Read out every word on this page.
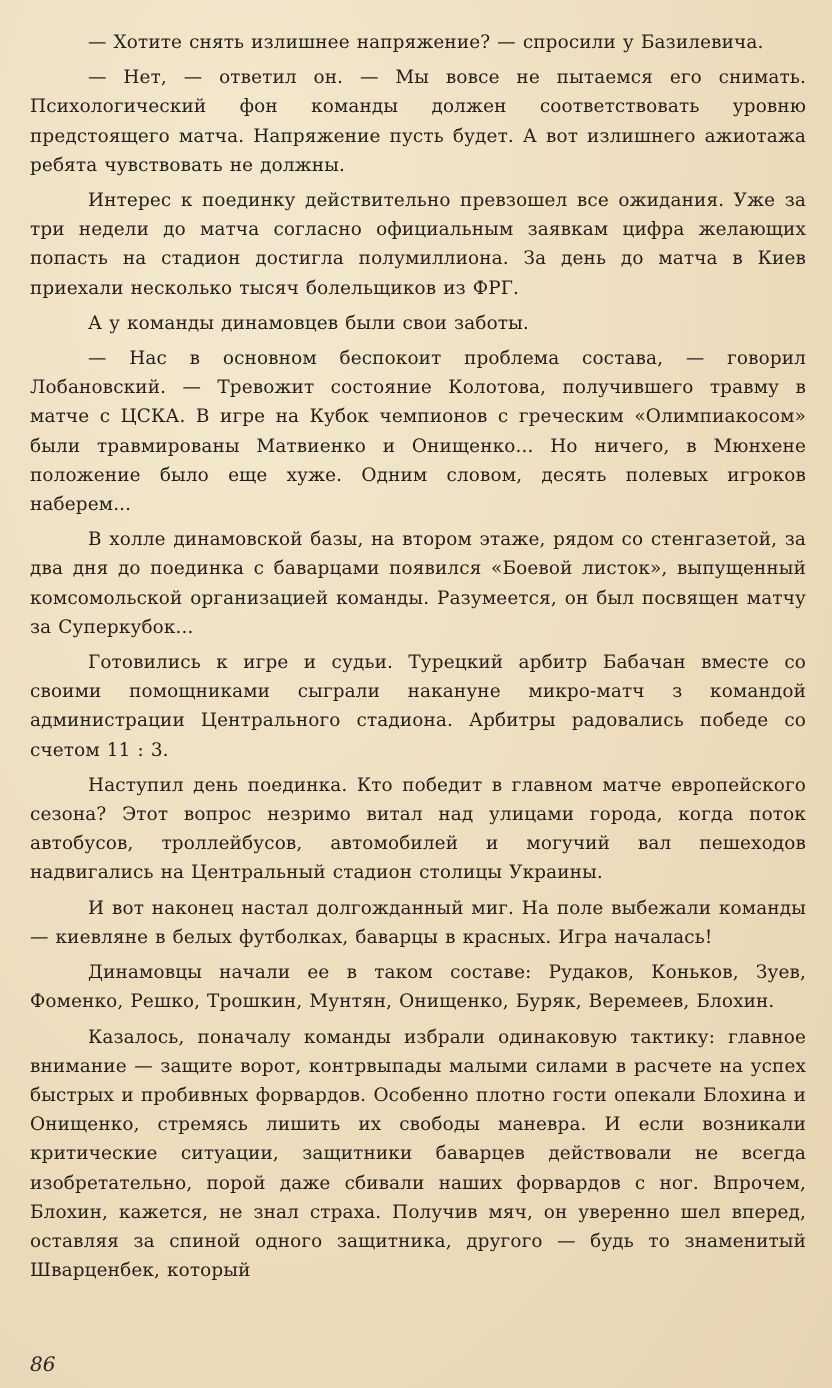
— Хотите снять излишнее напряжение? — спросили у Базилевича.

— Нет, — ответил он. — Мы вовсе не пытаемся его снимать. Психологический фон команды должен соответствовать уровню предстоящего матча. Напряжение пусть будет. А вот излишнего ажиотажа ребята чувствовать не должны.

Интерес к поединку действительно превзошел все ожидания. Уже за три недели до матча согласно официальным заявкам цифра желающих попасть на стадион достигла полумиллиона. За день до матча в Киев приехали несколько тысяч болельщиков из ФРГ.

А у команды динамовцев были свои заботы.

— Нас в основном беспокоит проблема состава, — говорил Лобановский. — Тревожит состояние Колотова, получившего травму в матче с ЦСКА. В игре на Кубок чемпионов с греческим «Олимпиакосом» были травмированы Матвиенко и Онищенко... Но ничего, в Мюнхене положение было еще хуже. Одним словом, десять полевых игроков наберем...

В холле динамовской базы, на втором этаже, рядом со стенгазетой, за два дня до поединка с баварцами появился «Боевой листок», выпущенный комсомольской организацией команды. Разумеется, он был посвящен матчу за Суперкубок...

Готовились к игре и судьи. Турецкий арбитр Бабачан вместе со своими помощниками сыграли накануне микро-матч з командой администрации Центрального стадиона. Арбитры радовались победе со счетом 11 : 3.

Наступил день поединка. Кто победит в главном матче европейского сезона? Этот вопрос незримо витал над улицами города, когда поток автобусов, троллейбусов, автомобилей и могучий вал пешеходов надвигались на Центральный стадион столицы Украины.

И вот наконец настал долгожданный миг. На поле выбежали команды — киевляне в белых футболках, баварцы в красных. Игра началась!

Динамовцы начали ее в таком составе: Рудаков, Коньков, Зуев, Фоменко, Решко, Трошкин, Мунтян, Онищенко, Буряк, Веремеев, Блохин.

Казалось, поначалу команды избрали одинаковую тактику: главное внимание — защите ворот, контрвыпады малыми силами в расчете на успех быстрых и пробивных форвардов. Особенно плотно гости опекали Блохина и Онищенко, стремясь лишить их свободы маневра. И если возникали критические ситуации, защитники баварцев действовали не всегда изобретательно, порой даже сбивали наших форвардов с ног. Впрочем, Блохин, кажется, не знал страха. Получив мяч, он уверенно шел вперед, оставляя за спиной одного защитника, другого — будь то знаменитый Шварценбек, который

86
